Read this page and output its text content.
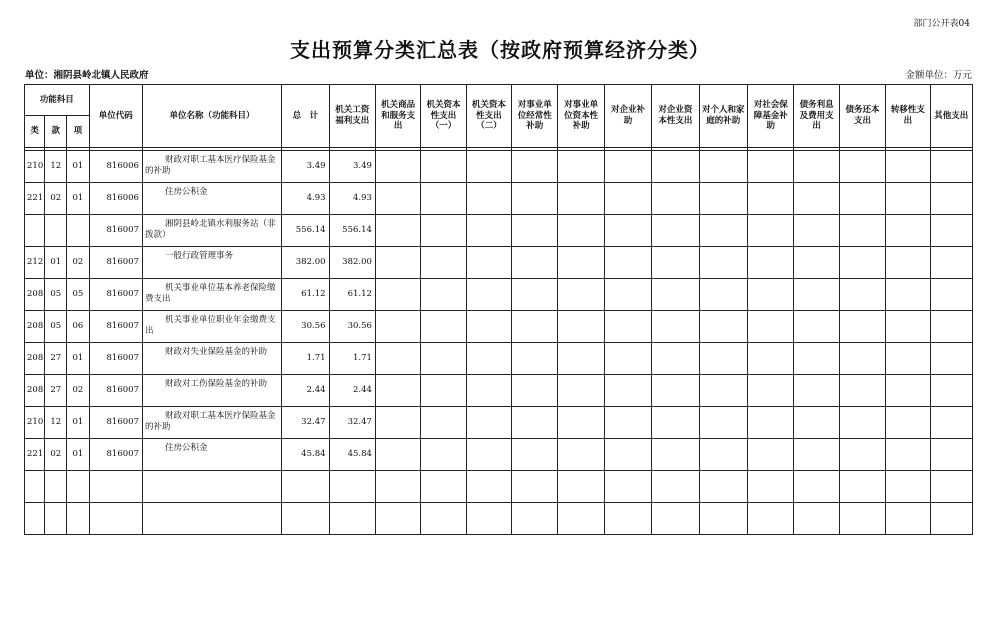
部门公开表04
支出预算分类汇总表（按政府预算经济分类）
单位：湘阴县岭北镇人民政府	金额单位：万元
功能科目			单位代码	单位名称（功能科目）	总　计	机关工资福利支出	机关商品和服务支出	机关资本性支出（一）	机关资本性支出（二）	对事业单位经常性补助	对事业单位资本性补助	对企业补助	对企业资本性支出	对个人和家庭的补助	对社会保障基金补助	债务利息及费用支出	债务还本支出	转移性支出	其他支出
类	款	项																	

210	12	01	816006	财政对职工基本医疗保险基金的补助	3.49	3.49													
221	02	01	816006	住房公积金	4.93	4.93													
			816007	湘阴县岭北镇水利服务站（非拨款）	556.14	556.14													
212	01	02	816007	一般行政管理事务	382.00	382.00													
208	05	05	816007	机关事业单位基本养老保险缴费支出	61.12	61.12													
208	05	06	816007	机关事业单位职业年金缴费支出	30.56	30.56													
208	27	01	816007	财政对失业保险基金的补助	1.71	1.71													
208	27	02	816007	财政对工伤保险基金的补助	2.44	2.44													
210	12	01	816007	财政对职工基本医疗保险基金的补助	32.47	32.47													
221	02	01	816007	住房公积金	45.84	45.84													
